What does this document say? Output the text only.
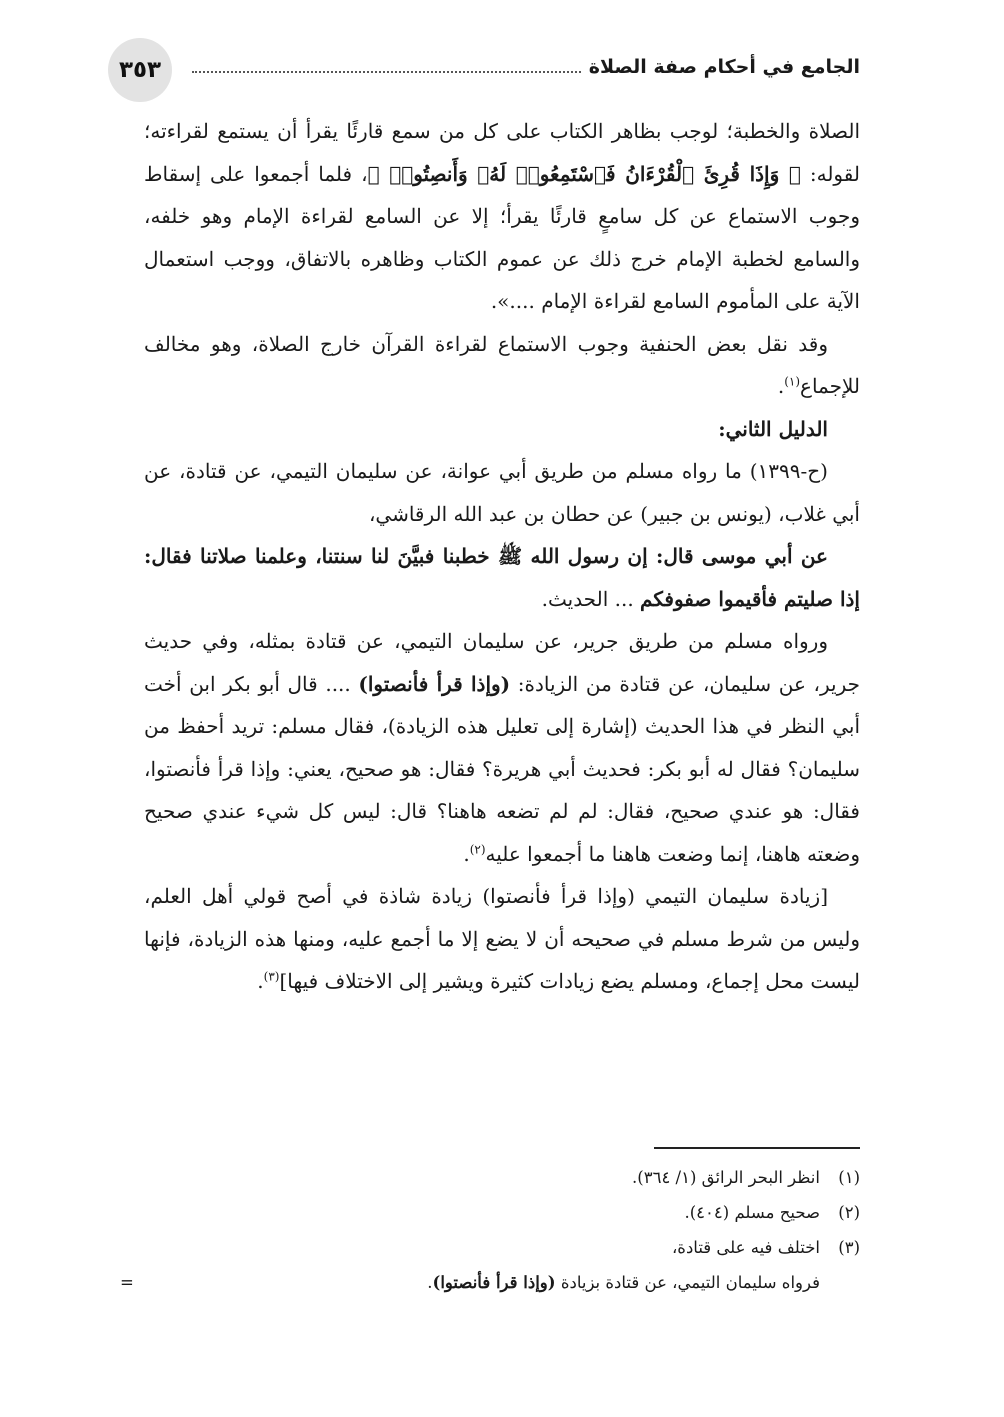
٣٥٣	الجامع في أحكام صفة الصلاة

الصلاة والخطبة؛ لوجب بظاهر الكتاب على كل من سمع قارئًا يقرأ أن يستمع لقراءته؛ لقوله: ﴿ وَإِذَا قُرِئَ ٱلْقُرْءَانُ فَٱسْتَمِعُوا۟ لَهُۥ وَأَنصِتُوا۟ ﴾، فلما أجمعوا على إسقاط وجوب الاستماع عن كل سامعٍ قارئًا يقرأ؛ إلا عن السامع لقراءة الإمام وهو خلفه، والسامع لخطبة الإمام خرج ذلك عن عموم الكتاب وظاهره بالاتفاق، ووجب استعمال الآية على المأموم السامع لقراءة الإمام ....».

وقد نقل بعض الحنفية وجوب الاستماع لقراءة القرآن خارج الصلاة، وهو مخالف للإجماع$^{(١)}$.

الدليل الثاني:

(ح-١٣٩٩) ما رواه مسلم من طريق أبي عوانة، عن سليمان التيمي، عن قتادة، عن أبي غلاب، (يونس بن جبير) عن حطان بن عبد الله الرقاشي،

عن أبي موسى قال: إن رسول الله ﷺ خطبنا فبيَّنَ لنا سنتنا، وعلمنا صلاتنا فقال: إذا صليتم فأقيموا صفوفكم ... الحديث.

ورواه مسلم من طريق جرير، عن سليمان التيمي، عن قتادة بمثله، وفي حديث جرير، عن سليمان، عن قتادة من الزيادة: (وإذا قرأ فأنصتوا) .... قال أبو بكر ابن أخت أبي النظر في هذا الحديث (إشارة إلى تعليل هذه الزيادة)، فقال مسلم: تريد أحفظ من سليمان؟ فقال له أبو بكر: فحديث أبي هريرة؟ فقال: هو صحيح، يعني: وإذا قرأ فأنصتوا، فقال: هو عندي صحيح، فقال: لم لم تضعه هاهنا؟ قال: ليس كل شيء عندي صحيح وضعته هاهنا، إنما وضعت هاهنا ما أجمعوا عليه$^{(٢)}$.

[زيادة سليمان التيمي (وإذا قرأ فأنصتوا) زيادة شاذة في أصح قولي أهل العلم، وليس من شرط مسلم في صحيحه أن لا يضع إلا ما أجمع عليه، ومنها هذه الزيادة، فإنها ليست محل إجماع، ومسلم يضع زيادات كثيرة ويشير إلى الاختلاف فيها]$^{(٣)}$.

(١)
انظر البحر الرائق (١/ ٣٦٤).
(٢)
صحيح مسلم (٤٠٤).
(٣)
اختلف فيه على قتادة،
فرواه سليمان التيمي، عن قتادة بزيادة (وإذا قرأ فأنصتوا).
=
